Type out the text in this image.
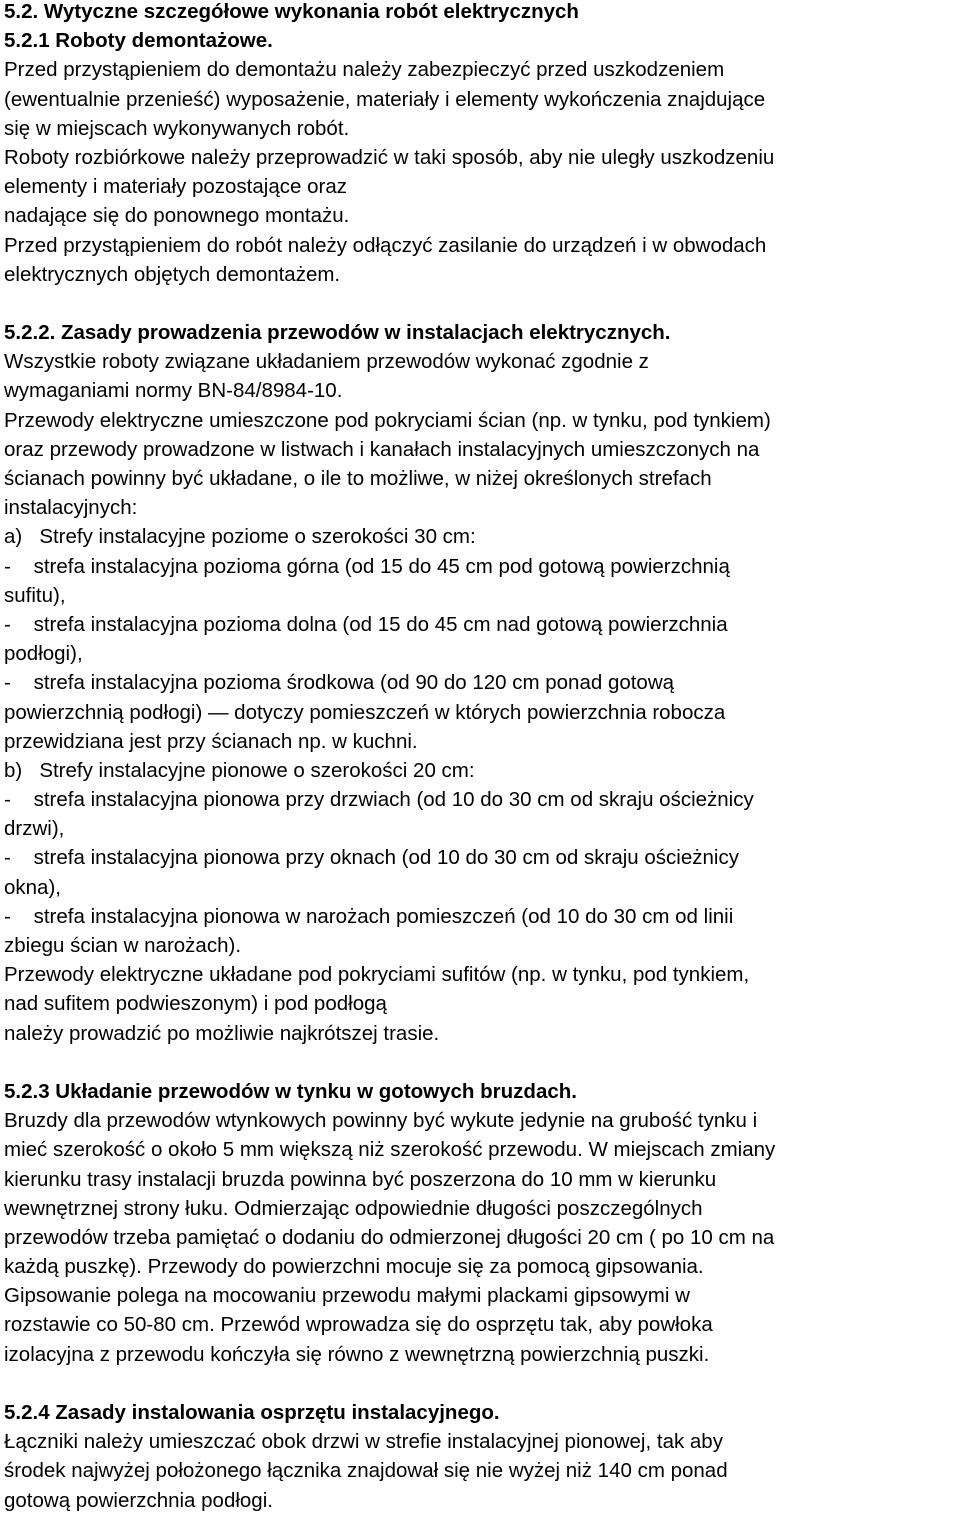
5.2. Wytyczne szczegółowe wykonania robót elektrycznych
5.2.1 Roboty demontażowe.
Przed przystąpieniem do demontażu należy zabezpieczyć przed uszkodzeniem
(ewentualnie przenieść) wyposażenie, materiały i elementy wykończenia znajdujące
się w miejscach wykonywanych robót.
Roboty rozbiórkowe należy przeprowadzić w taki sposób, aby nie uległy uszkodzeniu
elementy i materiały pozostające oraz
nadające się do ponownego montażu.
Przed przystąpieniem do robót należy odłączyć zasilanie do urządzeń i w obwodach
elektrycznych objętych demontażem.
5.2.2. Zasady prowadzenia przewodów w instalacjach elektrycznych.
Wszystkie roboty związane układaniem przewodów wykonać zgodnie z
wymaganiami normy BN-84/8984-10.
Przewody elektryczne umieszczone pod pokryciami ścian (np. w tynku, pod tynkiem)
oraz przewody prowadzone w listwach i kanałach instalacyjnych umieszczonych na
ścianach powinny być układane, o ile to możliwe, w niżej określonych strefach
instalacyjnych:
a)   Strefy instalacyjne poziome o szerokości 30 cm:
-    strefa instalacyjna pozioma górna (od 15 do 45 cm pod gotową powierzchnią
sufitu),
-    strefa instalacyjna pozioma dolna (od 15 do 45 cm nad gotową powierzchnia
podłogi),
-    strefa instalacyjna pozioma środkowa (od 90 do 120 cm ponad gotową
powierzchnią podłogi) ― dotyczy pomieszczeń w których powierzchnia robocza
przewidziana jest przy ścianach np. w kuchni.
b)   Strefy instalacyjne pionowe o szerokości 20 cm:
-    strefa instalacyjna pionowa przy drzwiach (od 10 do 30 cm od skraju ościeżnicy
drzwi),
-    strefa instalacyjna pionowa przy oknach (od 10 do 30 cm od skraju ościeżnicy
okna),
-    strefa instalacyjna pionowa w narożach pomieszczeń (od 10 do 30 cm od linii
zbiegu ścian w narożach).
Przewody elektryczne układane pod pokryciami sufitów (np. w tynku, pod tynkiem,
nad sufitem podwieszonym) i pod podłogą
należy prowadzić po możliwie najkrótszej trasie.
5.2.3 Układanie przewodów w tynku w gotowych bruzdach.
Bruzdy dla przewodów wtynkowych powinny być wykute jedynie na grubość tynku i
mieć szerokość o około 5 mm większą niż szerokość przewodu. W miejscach zmiany
kierunku trasy instalacji bruzda powinna być poszerzona do 10 mm w kierunku
wewnętrznej strony łuku. Odmierzając odpowiednie długości poszczególnych
przewodów trzeba pamiętać o dodaniu do odmierzonej długości 20 cm ( po 10 cm na
każdą puszkę). Przewody do powierzchni mocuje się za pomocą gipsowania.
Gipsowanie polega na mocowaniu przewodu małymi plackami gipsowymi w
rozstawie co 50-80 cm. Przewód wprowadza się do osprzętu tak, aby powłoka
izolacyjna z przewodu kończyła się równo z wewnętrzną powierzchnią puszki.
5.2.4 Zasady instalowania osprzętu instalacyjnego.
Łączniki należy umieszczać obok drzwi w strefie instalacyjnej pionowej, tak aby
środek najwyżej położonego łącznika znajdował się nie wyżej niż 140 cm ponad
gotową powierzchnia podłogi.
